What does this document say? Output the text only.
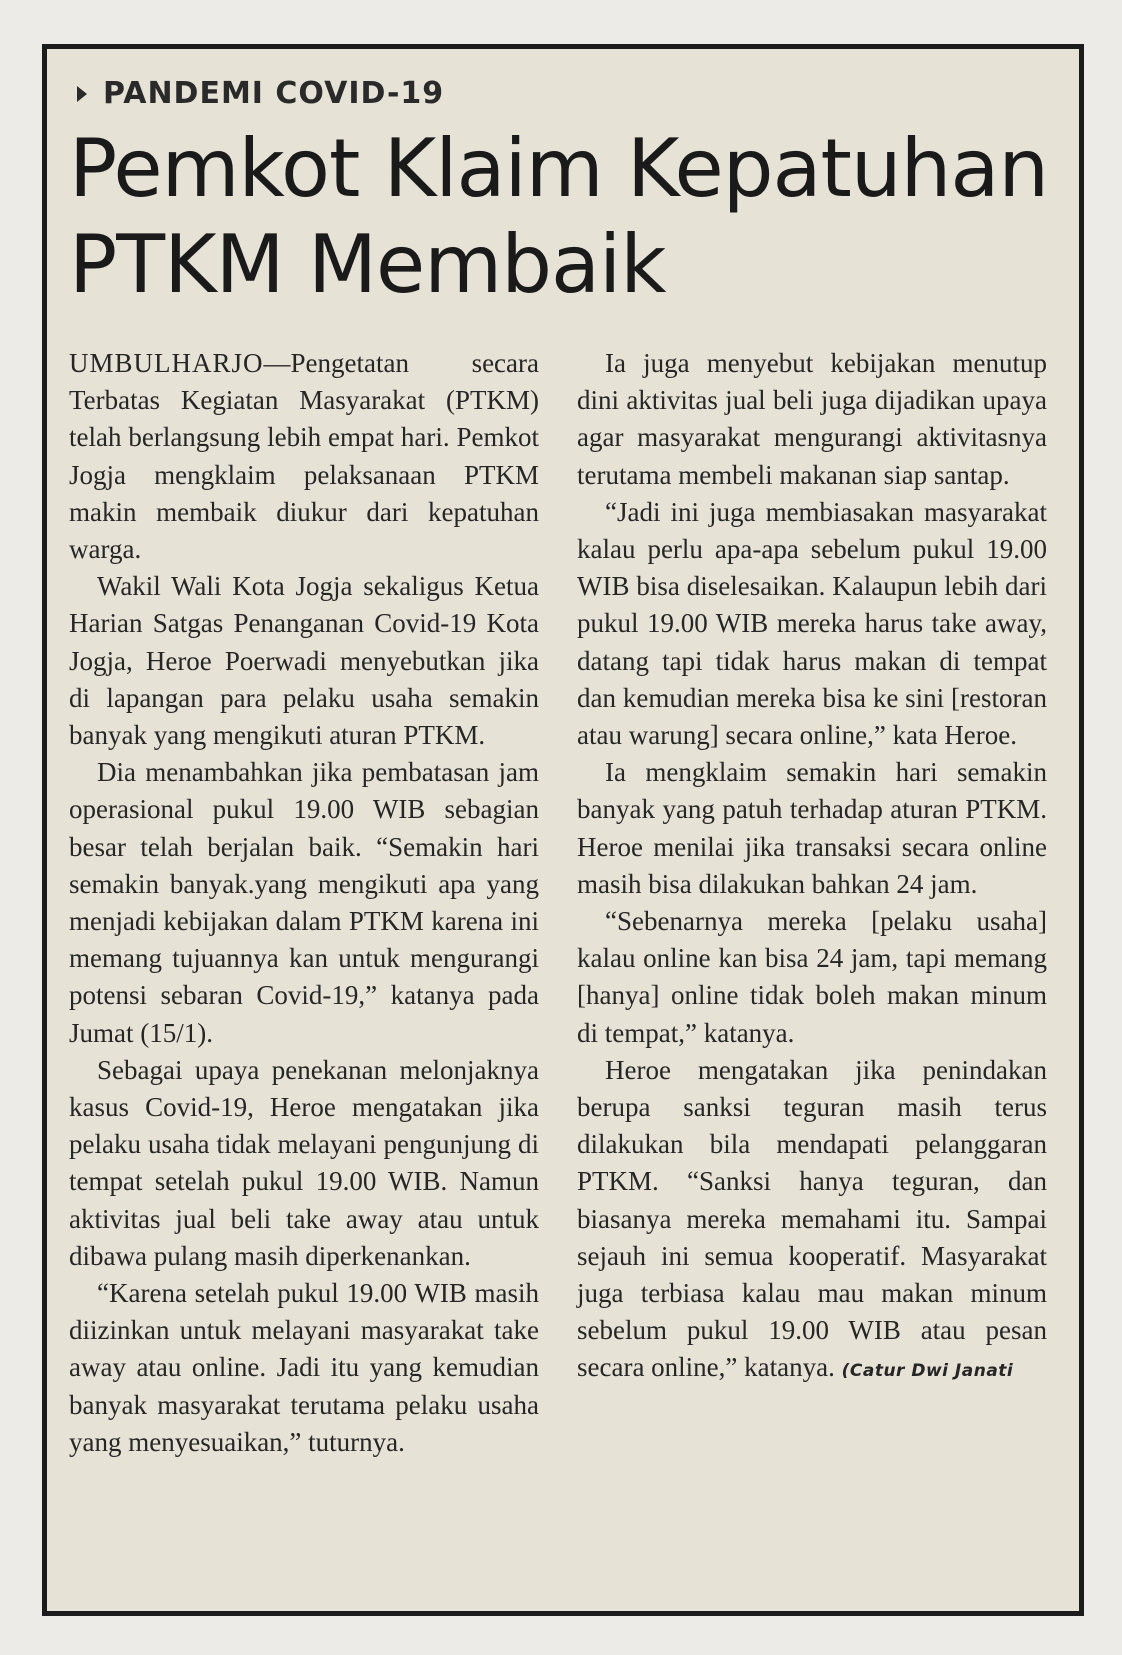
PANDEMI COVID-19
Pemkot Klaim Kepatuhan
PTKM Membaik

UMBULHARJO—Pengetatan secara Terbatas Kegiatan Masyarakat (PTKM) telah berlangsung lebih empat hari. Pemkot Jogja mengklaim pelaksanaan PTKM makin membaik diukur dari kepatuhan warga.

Wakil Wali Kota Jogja sekaligus Ketua Harian Satgas Penanganan Covid-19 Kota Jogja, Heroe Poerwadi menyebutkan jika di lapangan para pelaku usaha semakin banyak yang mengikuti aturan PTKM.

Dia menambahkan jika pembatasan jam operasional pukul 19.00 WIB sebagian besar telah berjalan baik. “Semakin hari semakin banyak.yang mengikuti apa yang menjadi kebijakan dalam PTKM karena ini memang tujuannya kan untuk mengurangi potensi sebaran Covid-19,” katanya pada Jumat (15/1).

Sebagai upaya penekanan melonjaknya kasus Covid-19, Heroe mengatakan jika pelaku usaha tidak melayani pengunjung di tempat setelah pukul 19.00 WIB. Namun aktivitas jual beli take away atau untuk dibawa pulang masih diperkenankan.

“Karena setelah pukul 19.00 WIB masih diizinkan untuk melayani masyarakat take away atau online. Jadi itu yang kemudian banyak masyarakat terutama pelaku usaha yang menyesuaikan,” tuturnya.

Ia juga menyebut kebijakan menutup dini aktivitas jual beli juga dijadikan upaya agar masyarakat mengurangi aktivitasnya terutama membeli makanan siap santap.

“Jadi ini juga membiasakan masyarakat kalau perlu apa-apa sebelum pukul 19.00 WIB bisa diselesaikan. Kalaupun lebih dari pukul 19.00 WIB mereka harus take away, datang tapi tidak harus makan di tempat dan kemudian mereka bisa ke sini [restoran atau warung] secara online,” kata Heroe.

Ia mengklaim semakin hari semakin banyak yang patuh terhadap aturan PTKM. Heroe menilai jika transaksi secara online masih bisa dilakukan bahkan 24 jam.

“Sebenarnya mereka [pelaku usaha] kalau online kan bisa 24 jam, tapi memang [hanya] online tidak boleh makan minum di tempat,” katanya.

Heroe mengatakan jika penindakan berupa sanksi teguran masih terus dilakukan bila mendapati pelanggaran PTKM. “Sanksi hanya teguran, dan biasanya mereka memahami itu. Sampai sejauh ini semua kooperatif. Masyarakat juga terbiasa kalau mau makan minum sebelum pukul 19.00 WIB atau pesan secara online,” katanya. (Catur Dwi Janati
